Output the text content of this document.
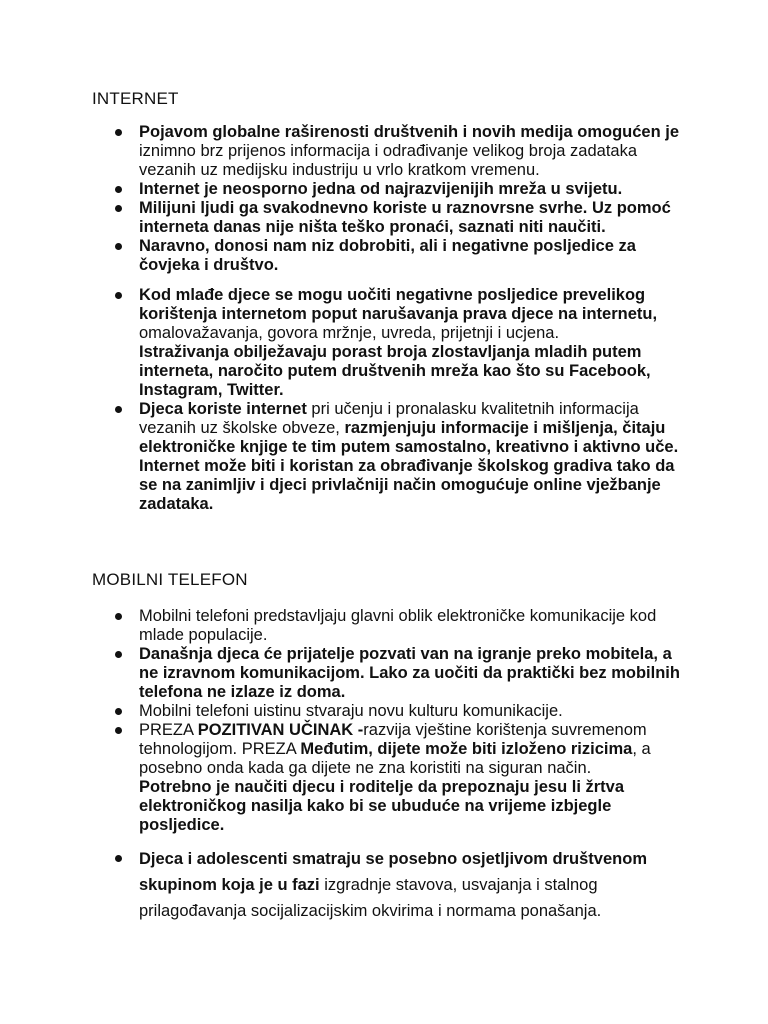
INTERNET
Pojavom globalne raširenosti društvenih i novih medija omogućen je iznimno brz prijenos informacija i odrađivanje velikog broja zadataka vezanih uz medijsku industriju u vrlo kratkom vremenu.
Internet je neosporno jedna od najrazvijenijih mreža u svijetu.
Milijuni ljudi ga svakodnevno koriste u raznovrsne svrhe. Uz pomoć interneta danas nije ništa teško pronaći, saznati niti naučiti.
Naravno, donosi nam niz dobrobiti, ali i negativne posljedice za čovjeka i društvo.
Kod mlađe djece se mogu uočiti negativne posljedice prevelikog korištenja internetom poput narušavanja prava djece na internetu, omalovažavanja, govora mržnje, uvreda, prijetnji i ucjena.Istraživanja obilježavaju porast broja zlostavljanja mladih putem interneta, naročito putem društvenih mreža kao što su Facebook, Instagram, Twitter.
Djeca koriste internet pri učenju i pronalasku kvalitetnih informacija vezanih uz školske obveze, razmjenjuju informacije i mišljenja, čitaju elektroničke knjige te tim putem samostalno, kreativno i aktivno uče. Internet može biti i koristan za obrađivanje školskog gradiva tako da se na zanimljiv i djeci privlačniji način omogućuje online vježbanje zadataka.
MOBILNI TELEFON
Mobilni telefoni predstavljaju glavni oblik elektroničke komunikacije kod mlade populacije.
Današnja djeca će prijatelje pozvati van na igranje preko mobitela, a ne izravnom komunikacijom. Lako za uočiti da praktički bez mobilnih telefona ne izlaze iz doma.
Mobilni telefoni uistinu stvaraju novu kulturu komunikacije.
PREZA POZITIVAN UČINAK -razvija vještine korištenja suvremenom tehnologijom. PREZA Međutim, dijete može biti izloženo rizicima, a posebno onda kada ga dijete ne zna koristiti na siguran način.Potrebno je naučiti djecu i roditelje da prepoznaju jesu li žrtva elektroničkog nasilja kako bi se ubuduće na vrijeme izbjegle posljedice.
Djeca i adolescenti smatraju se posebno osjetljivom društvenom skupinom koja je u fazi izgradnje stavova, usvajanja i stalnog prilagođavanja socijalizacijskim okvirima i normama ponašanja.
